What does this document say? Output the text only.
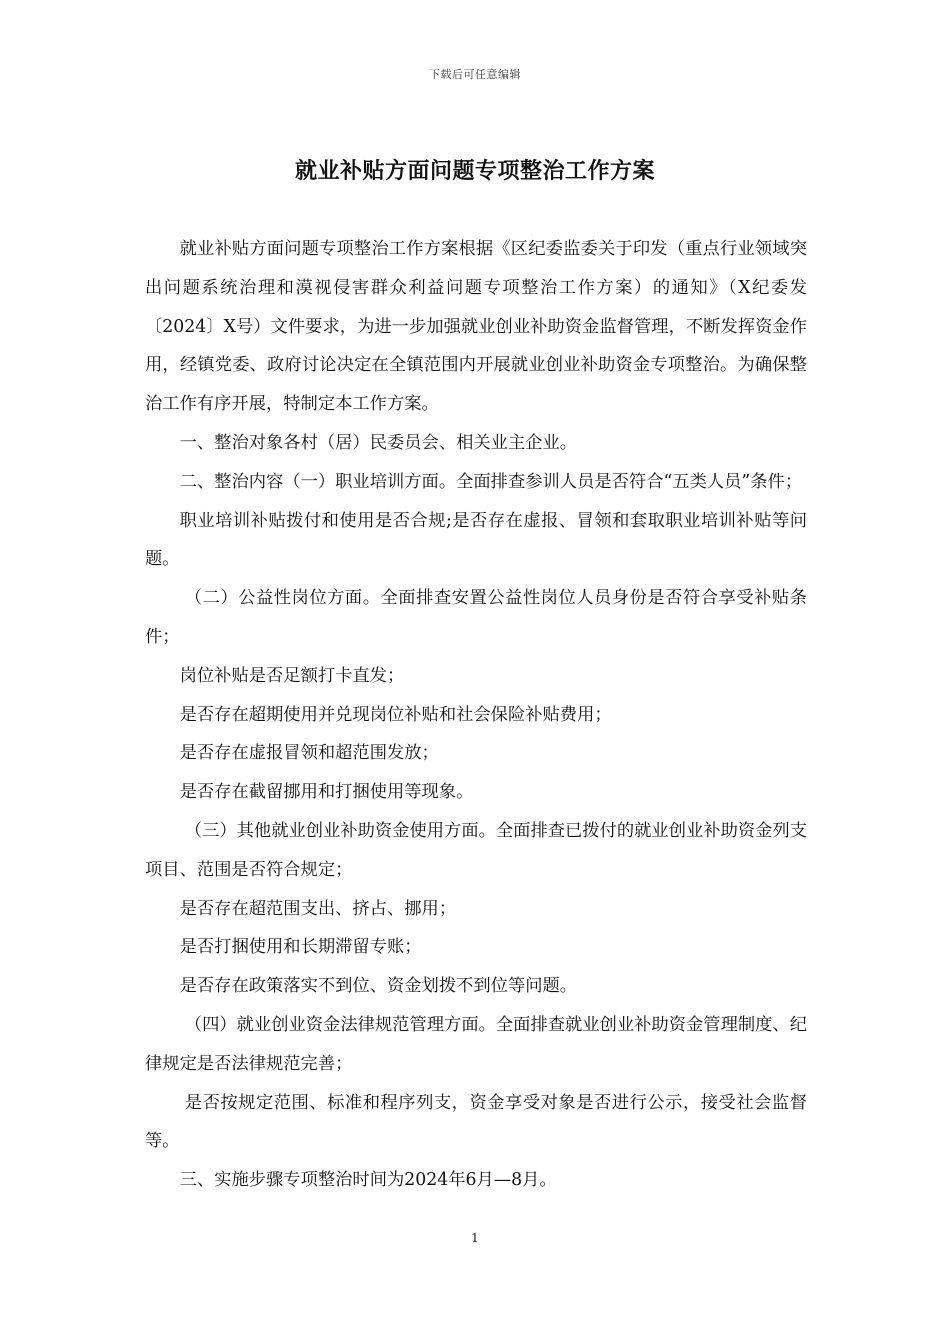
下载后可任意编辑
就业补贴方面问题专项整治工作方案

就业补贴方面问题专项整治工作方案根据《区纪委监委关于印发（重点行业领域突出问题系统治理和漠视侵害群众利益问题专项整治工作方案）的通知》（X纪委发〔2024〕X号）文件要求，为进一步加强就业创业补助资金监督管理，不断发挥资金作用，经镇党委、政府讨论决定在全镇范围内开展就业创业补助资金专项整治。为确保整治工作有序开展，特制定本工作方案。

一、整治对象各村（居）民委员会、相关业主企业。

二、整治内容（一）职业培训方面。全面排查参训人员是否符合“五类人员”条件；

职业培训补贴拨付和使用是否合规;是否存在虚报、冒领和套取职业培训补贴等问题。

（二）公益性岗位方面。全面排查安置公益性岗位人员身份是否符合享受补贴条件；

岗位补贴是否足额打卡直发；

是否存在超期使用并兑现岗位补贴和社会保险补贴费用；

是否存在虚报冒领和超范围发放；

是否存在截留挪用和打捆使用等现象。

（三）其他就业创业补助资金使用方面。全面排查已拨付的就业创业补助资金列支项目、范围是否符合规定；

是否存在超范围支出、挤占、挪用；

是否打捆使用和长期滞留专账；

是否存在政策落实不到位、资金划拨不到位等问题。

（四）就业创业资金法律规范管理方面。全面排查就业创业补助资金管理制度、纪律规定是否法律规范完善；

是否按规定范围、标准和程序列支，资金享受对象是否进行公示，接受社会监督等。

三、实施步骤专项整治时间为2024年6月—8月。

1
